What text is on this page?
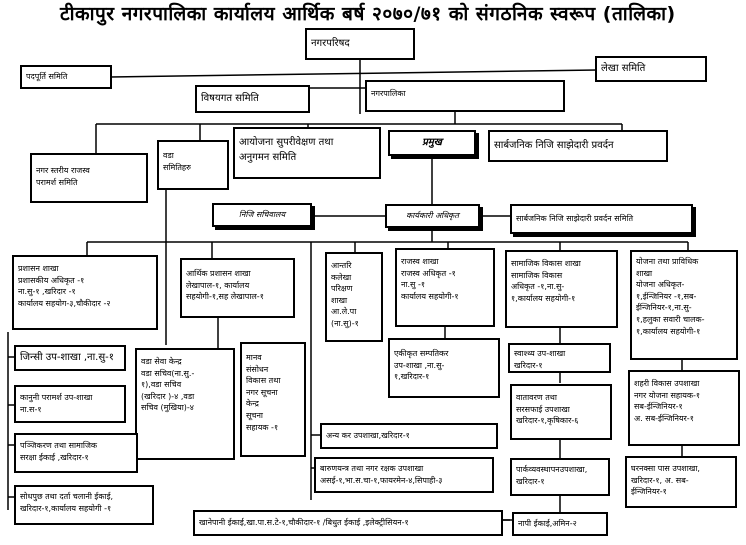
टीकापुर नगरपालिका कार्यालय आर्थिक बर्ष २०७०/७१ को संगठनिक स्वरूप (तालिका)
नगरपरिषद
पदपूर्ति समिति
लेखा समिति
विषयगत समिति	नगरपालिका
नगर स्तरीय राजस्व
परामर्श समिति
वडा
समितिहरु
आयोजना सुपरीवेक्षण तथा
अनुगमन समिति
प्रमुख	सार्बजनिक निजि साझेदारी प्रवर्दन
निजि सचिवालय	कार्यकारी अधिकृत	सार्बजनिक निजि साझेदारी प्रवर्दन समिति
प्रशासन शाखा
प्रशासकीय अधिकृत -१
ना.सु-१ ,खरिदार -१
कार्यालय सहयोग-३,चौकीदार -२
आर्थिक प्रशासन शाखा
लेखापाल-१, कार्यालय
सहयोगी-१,सह लेखापाल-१
आन्तरि
कलेखा
परिक्षण
शाखा
आ.ले.पा
(ना.सु)-१
राजस्व शाखा
राजस्व अधिकृत -१
ना.सु -१
कार्यालय सहयोगी-१
सामाजिक विकास शाखा
सामाजिक विकास
अधिकृत -१,ना.सु-
१,कार्यालय सहयोगी-१
योजना तथा प्राविधिक
शाखा
योजना अधिकृत-
१,ईन्जिनियर -१,सब-
ईन्जिनियर-१,ना.सु-
१,हलुका सवारी चालक-
१,कार्यालय सहयोगी-१
जिन्सी उप-शाखा ,ना.सु-१	वडा सेवा केन्द्र
वडा सचिव(ना.सु.-
१),वडा सचिव
(खरिदार )-४ ,वडा
सचिव (मुखिया)-४
मानव
संसोधन
विकास तथा
नगर सूचना
केन्द्र
सूचना
सहायक -१
एकीकृत सम्पतिकर
उप-शाखा ,ना.सु-
१,खरिदार-१
स्वाश्थ्य उप-शाखा
खरिदार-१
शहरी विकास उपशाखा
नगर योजना सहायक-१
सब-ईन्जिनियर-१
अ. सब-ईन्जिनियर-१
कानुनी परामर्श उप-शाखा
ना.स-१
वातावरण तथा
सरसफाई उपशाखा
खरिदार-१,कृषिकार-६
पञ्जिकरण तथा सामाजिक
सरक्षा ईकाई ,खरिदार-१
अन्य कर उपशाखा,खरिदार-१
बारुणयन्त्र तथा नगर रक्षक उपशाखा
असई-१,भा.स.चा-१,फायरमेन-४,सिपाही-३
पार्कव्यवस्थापनउपशाखा,
खरिदार-१
घरनक्सा पास उपशाखा,
खरिदार-१, अ. सब-
ईन्जिनियर-१
सोधपुछ तथा दर्ता चलानी ईकाई,
खरिदार-१,कार्यालय सहयोगी -१
खानेपानी ईकाई,खा.पा.स.टे-१,चौकीदार-१ /बिधुत ईकाई ,इलेक्ट्रीसियन-१	नापी ईकाई,अमिन-२
